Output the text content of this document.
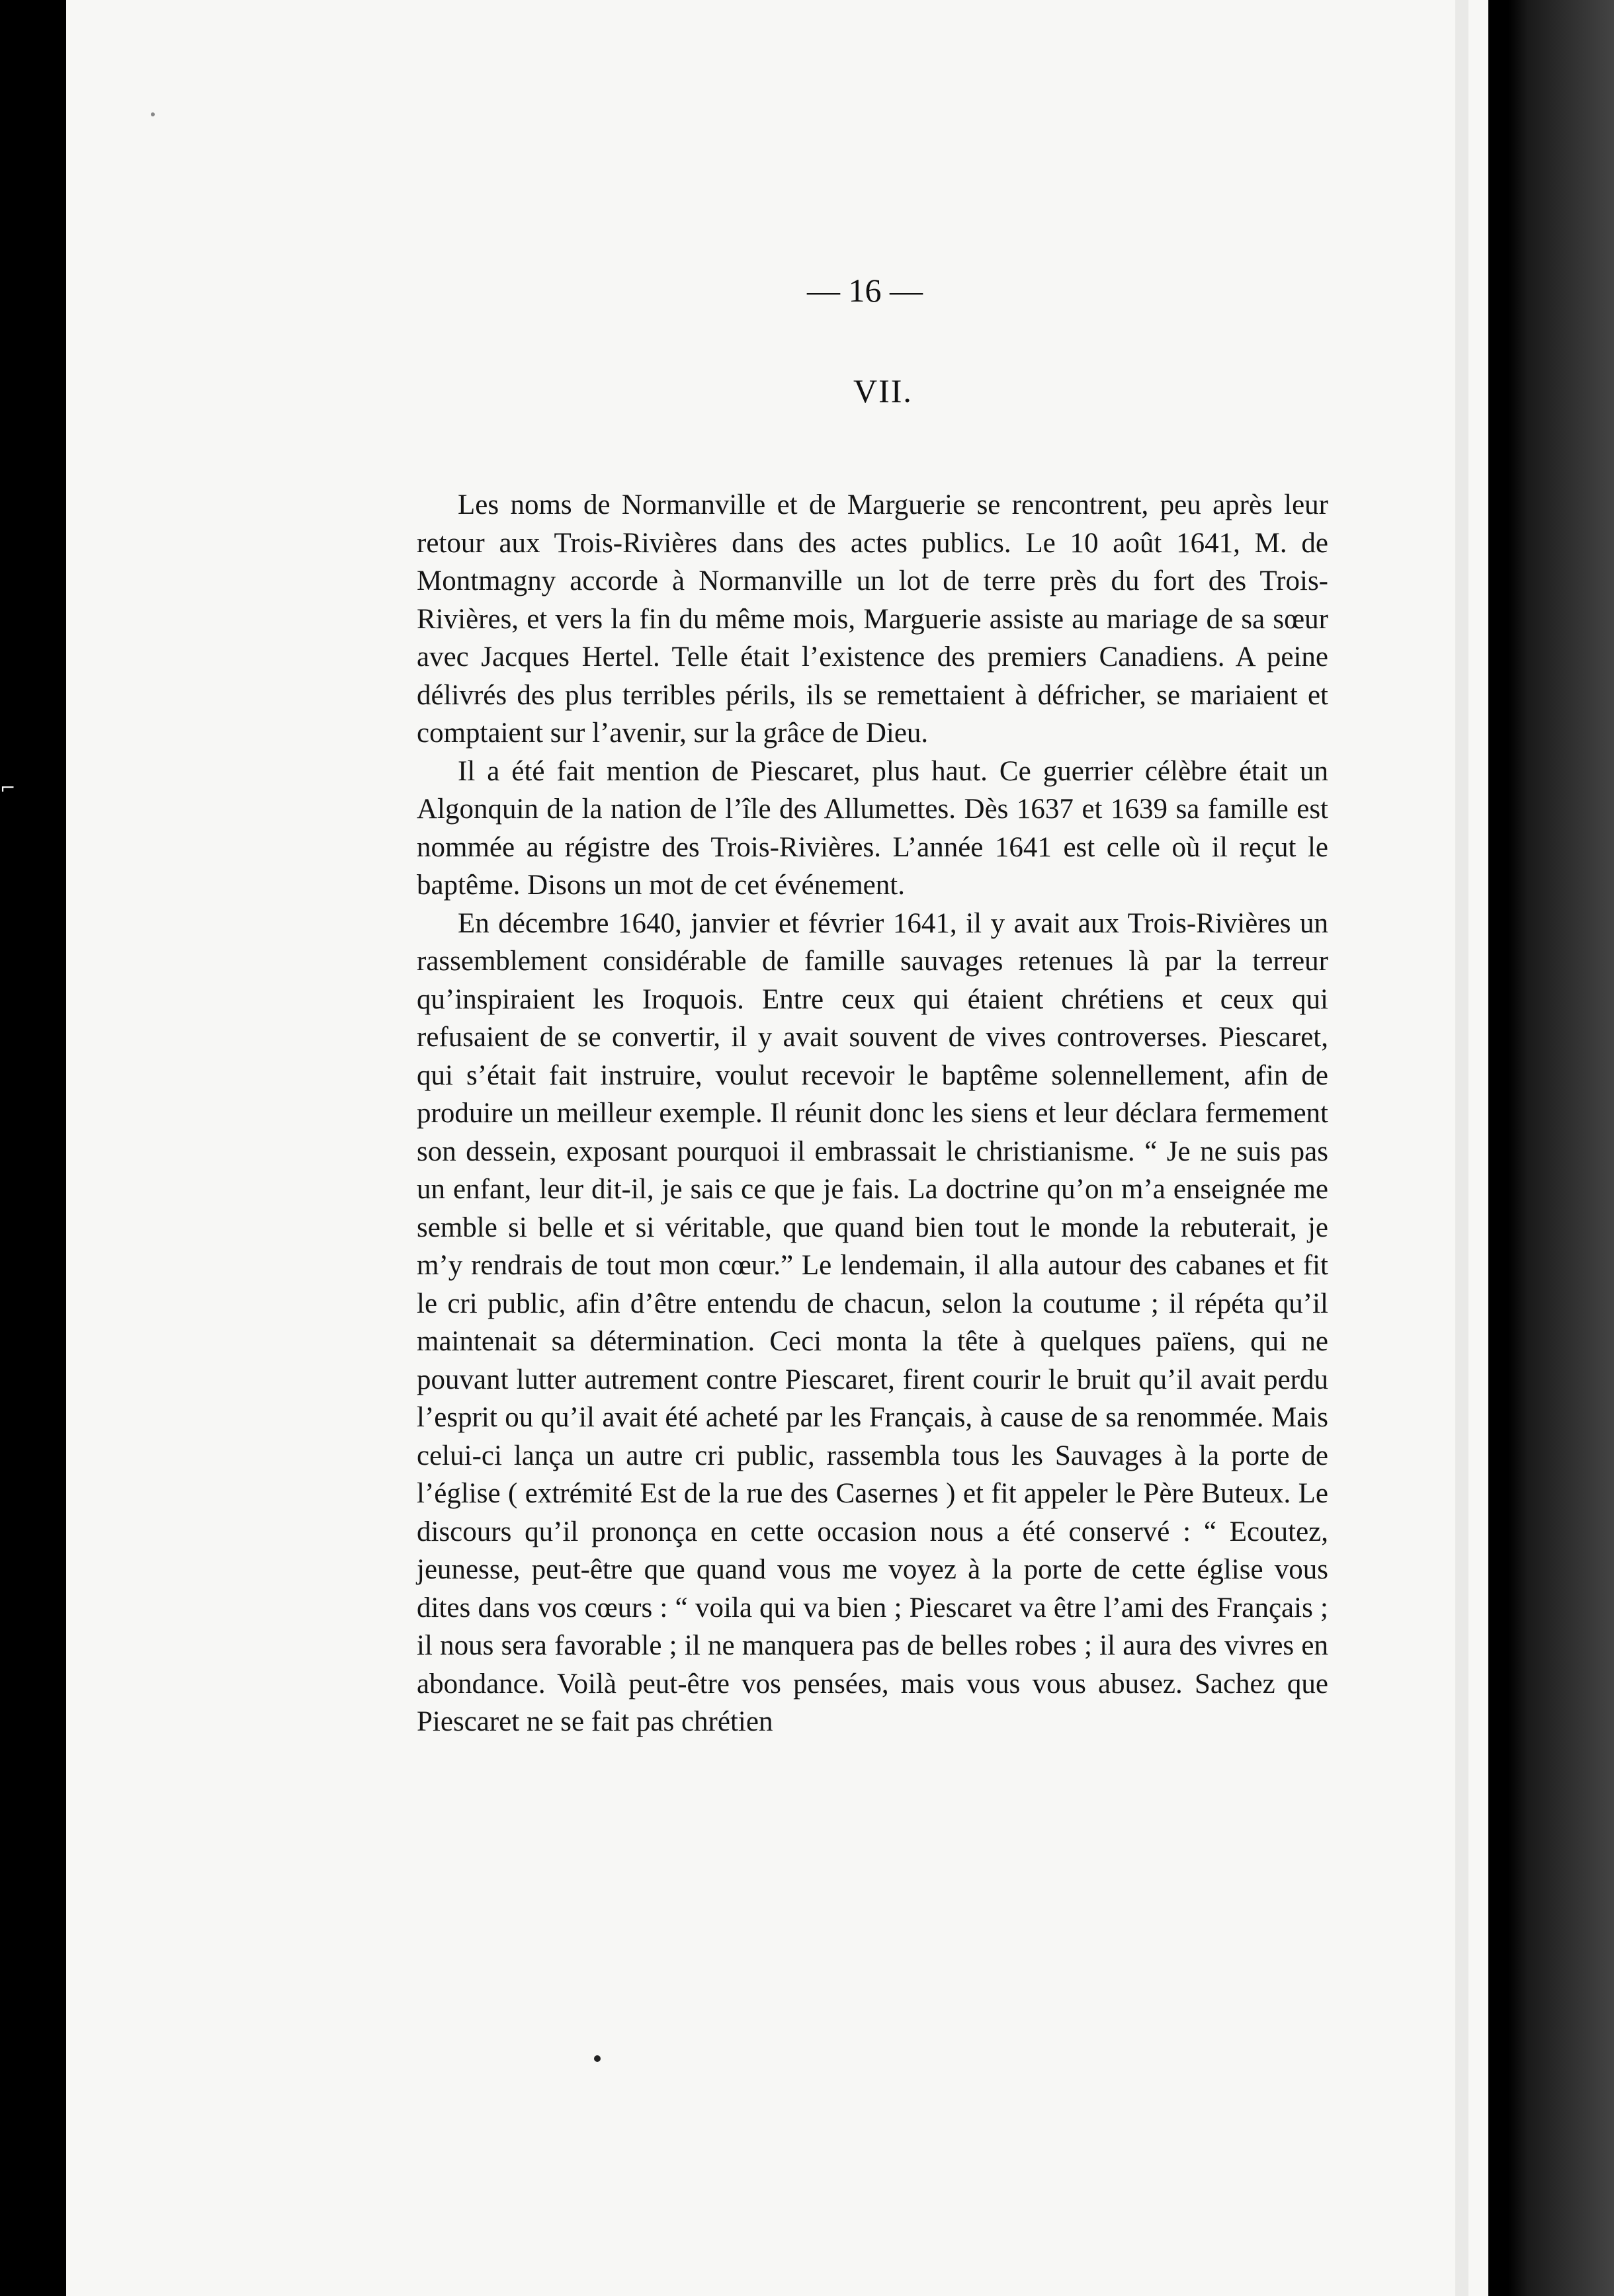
⌐
— 16 —
VII.

Les noms de Normanville et de Marguerie se rencontrent, peu après leur retour aux Trois-Rivières dans des actes publics. Le 10 août 1641, M. de Montmagny accorde à Normanville un lot de terre près du fort des Trois-Rivières, et vers la fin du même mois, Marguerie assiste au mariage de sa sœur avec Jacques Hertel. Telle était l’existence des premiers Canadiens. A peine délivrés des plus terribles périls, ils se remettaient à défricher, se mariaient et comptaient sur l’avenir, sur la grâce de Dieu.

Il a été fait mention de Piescaret, plus haut. Ce guerrier célèbre était un Algonquin de la nation de l’île des Allumettes. Dès 1637 et 1639 sa famille est nommée au régistre des Trois-Rivières. L’année 1641 est celle où il reçut le baptême. Disons un mot de cet événement.

En décembre 1640, janvier et février 1641, il y avait aux Trois-Rivières un rassemblement considérable de famille sauvages retenues là par la terreur qu’inspiraient les Iroquois. Entre ceux qui étaient chrétiens et ceux qui refusaient de se convertir, il y avait souvent de vives controverses. Piescaret, qui s’était fait instruire, voulut recevoir le baptême solennellement, afin de produire un meilleur exemple. Il réunit donc les siens et leur déclara fermement son dessein, exposant pourquoi il embrassait le christianisme. “ Je ne suis pas un enfant, leur dit-il, je sais ce que je fais. La doctrine qu’on m’a enseignée me semble si belle et si véritable, que quand bien tout le monde la rebuterait, je m’y rendrais de tout mon cœur.” Le lendemain, il alla autour des cabanes et fit le cri public, afin d’être entendu de chacun, selon la coutume ; il répéta qu’il maintenait sa détermination. Ceci monta la tête à quelques païens, qui ne pouvant lutter autrement contre Piescaret, firent courir le bruit qu’il avait perdu l’esprit ou qu’il avait été acheté par les Français, à cause de sa renommée. Mais celui-ci lança un autre cri public, rassembla tous les Sauvages à la porte de l’église ( extrémité Est de la rue des Casernes ) et fit appeler le Père Buteux. Le discours qu’il prononça en cette occasion nous a été conservé : “ Ecoutez, jeunesse, peut-être que quand vous me voyez à la porte de cette église vous dites dans vos cœurs : “ voila qui va bien ; Piescaret va être l’ami des Français ; il nous sera favorable ; il ne manquera pas de belles robes ; il aura des vivres en abondance. Voilà peut-être vos pensées, mais vous vous abusez. Sachez que Piescaret ne se fait pas chrétien
